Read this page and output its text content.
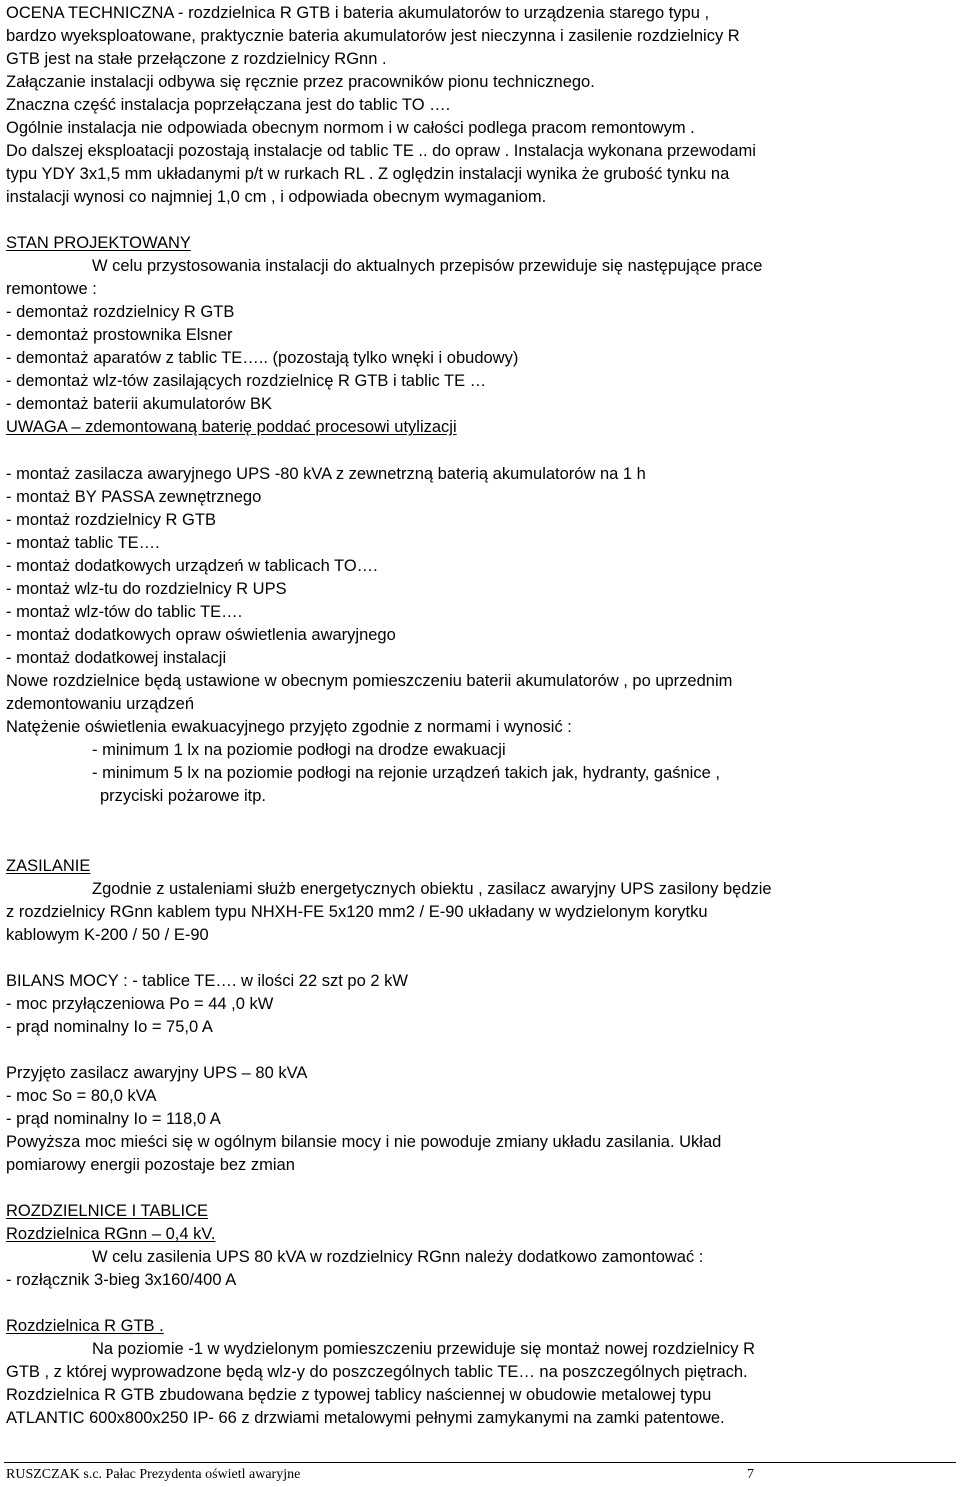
OCENA TECHNICZNA - rozdzielnica R GTB i bateria akumulatorów to urządzenia starego typu ,
bardzo wyeksploatowane, praktycznie bateria akumulatorów jest nieczynna i zasilenie rozdzielnicy R
GTB jest na stałe przełączone z rozdzielnicy RGnn .
Załączanie instalacji odbywa się ręcznie przez pracowników pionu technicznego.
Znaczna część instalacja poprzełączana jest do tablic TO ….
Ogólnie instalacja nie odpowiada obecnym normom i w całości podlega pracom remontowym .
Do dalszej eksploatacji pozostają instalacje od tablic TE .. do opraw . Instalacja wykonana przewodami
typu YDY 3x1,5 mm układanymi p/t w rurkach RL . Z oględzin instalacji wynika że grubość tynku na
instalacji wynosi co najmniej 1,0 cm , i odpowiada obecnym wymaganiom.
STAN PROJEKTOWANY
W celu przystosowania instalacji do aktualnych przepisów przewiduje się następujące prace
remontowe :
- demontaż rozdzielnicy R GTB
- demontaż prostownika Elsner
- demontaż aparatów z tablic TE….. (pozostają tylko wnęki i obudowy)
- demontaż wlz-tów zasilających rozdzielnicę R GTB i tablic TE …
- demontaż baterii akumulatorów BK
UWAGA – zdemontowaną baterię poddać procesowi utylizacji
- montaż zasilacza awaryjnego UPS -80 kVA z zewnetrzną baterią akumulatorów na 1 h
- montaż BY PASSA zewnętrznego
- montaż rozdzielnicy R GTB
- montaż tablic TE….
- montaż dodatkowych urządzeń w tablicach TO….
- montaż wlz-tu do rozdzielnicy R UPS
- montaż wlz-tów do tablic TE….
- montaż dodatkowych opraw oświetlenia awaryjnego
- montaż dodatkowej instalacji
Nowe rozdzielnice będą ustawione w obecnym pomieszczeniu baterii akumulatorów , po uprzednim
zdemontowaniu urządzeń
Natężenie oświetlenia ewakuacyjnego przyjęto zgodnie z normami i wynosić :
- minimum 1 lx na poziomie podłogi na drodze ewakuacji
- minimum 5 lx na poziomie podłogi na rejonie urządzeń takich jak, hydranty, gaśnice ,
przyciski pożarowe itp.
ZASILANIE
Zgodnie z ustaleniami służb energetycznych obiektu , zasilacz awaryjny UPS zasilony będzie
z rozdzielnicy RGnn kablem typu NHXH-FE 5x120 mm2 / E-90 układany w wydzielonym korytku
kablowym K-200 / 50 / E-90
BILANS MOCY : - tablice TE…. w ilości 22 szt po 2 kW
- moc przyłączeniowa Po = 44 ,0 kW
- prąd nominalny Io = 75,0 A
Przyjęto zasilacz awaryjny UPS – 80 kVA
- moc So = 80,0 kVA
- prąd nominalny Io = 118,0 A
Powyższa moc mieści się w ogólnym bilansie mocy i nie powoduje zmiany układu zasilania. Układ
pomiarowy energii pozostaje bez zmian
ROZDZIELNICE I TABLICE
Rozdzielnica RGnn – 0,4 kV.
W celu zasilenia UPS 80 kVA w rozdzielnicy RGnn należy dodatkowo zamontować :
- rozłącznik 3-bieg 3x160/400 A
Rozdzielnica R GTB .
Na poziomie -1 w wydzielonym pomieszczeniu przewiduje się montaż nowej rozdzielnicy R
GTB , z której wyprowadzone będą wlz-y do poszczególnych tablic TE… na poszczególnych piętrach.
Rozdzielnica R GTB zbudowana będzie z typowej tablicy naściennej w obudowie metalowej typu
ATLANTIC 600x800x250 IP- 66 z drzwiami metalowymi pełnymi zamykanymi na zamki patentowe.
RUSZCZAK s.c. Pałac Prezydenta oświetl awaryjne	7
